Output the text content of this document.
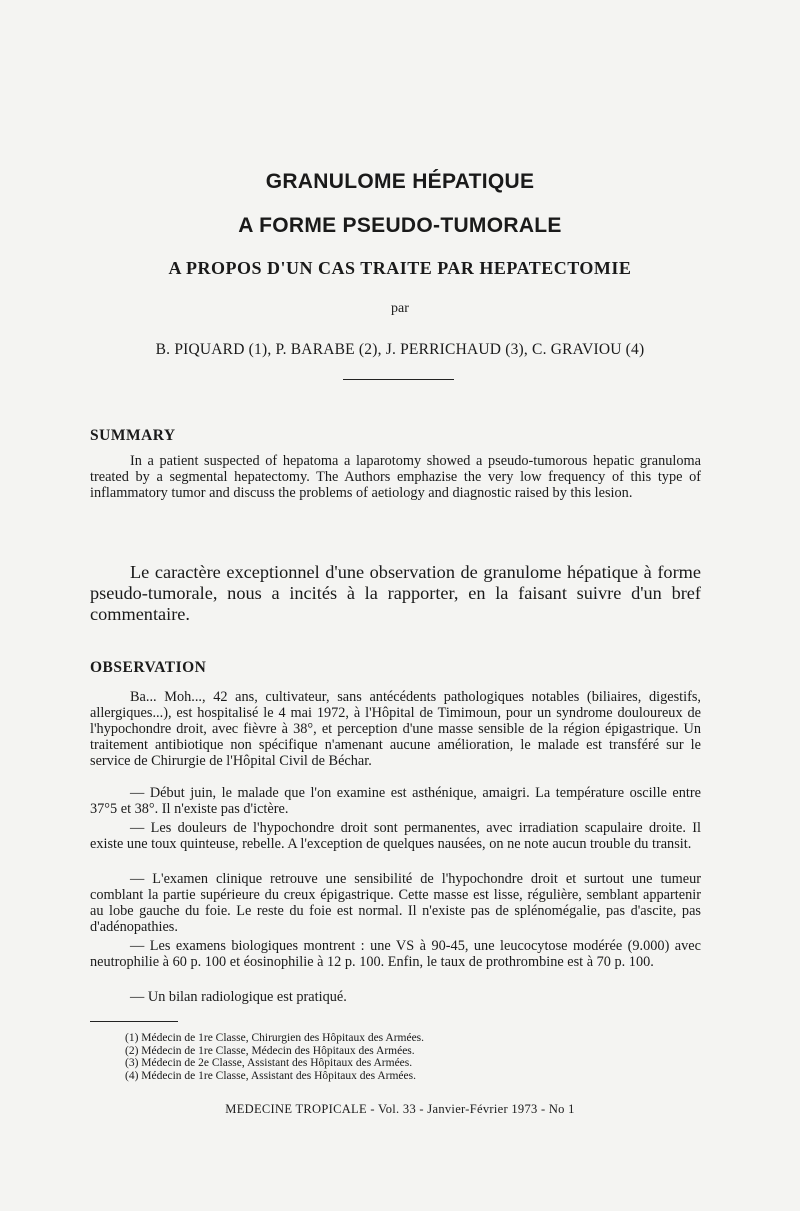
GRANULOME HÉPATIQUE
A FORME PSEUDO-TUMORALE
A PROPOS D'UN CAS TRAITE PAR HEPATECTOMIE
par
B. PIQUARD (1), P. BARABE (2), J. PERRICHAUD (3), C. GRAVIOU (4)
SUMMARY

In a patient suspected of hepatoma a laparotomy showed a pseudo-tumorous hepatic granuloma treated by a segmental hepatectomy. The Authors emphazise the very low frequency of this type of inflammatory tumor and discuss the problems of aetiology and diagnostic raised by this lesion.

Le caractère exceptionnel d'une observation de granulome hépatique à forme pseudo-tumorale, nous a incités à la rapporter, en la faisant suivre d'un bref commentaire.

OBSERVATION

Ba... Moh..., 42 ans, cultivateur, sans antécédents pathologiques notables (biliaires, digestifs, allergiques...), est hospitalisé le 4 mai 1972, à l'Hôpital de Timimoun, pour un syndrome douloureux de l'hypochondre droit, avec fièvre à 38°, et perception d'une masse sensible de la région épigastrique. Un traitement antibiotique non spécifique n'amenant aucune amélioration, le malade est transféré sur le service de Chirurgie de l'Hôpital Civil de Béchar.

— Début juin, le malade que l'on examine est asthénique, amaigri. La température oscille entre 37°5 et 38°. Il n'existe pas d'ictère.

— Les douleurs de l'hypochondre droit sont permanentes, avec irradiation scapulaire droite. Il existe une toux quinteuse, rebelle. A l'exception de quelques nausées, on ne note aucun trouble du transit.

— L'examen clinique retrouve une sensibilité de l'hypochondre droit et surtout une tumeur comblant la partie supérieure du creux épigastrique. Cette masse est lisse, régulière, semblant appartenir au lobe gauche du foie. Le reste du foie est normal. Il n'existe pas de splénomégalie, pas d'ascite, pas d'adénopathies.

— Les examens biologiques montrent : une VS à 90-45, une leucocytose modérée (9.000) avec neutrophilie à 60 p. 100 et éosinophilie à 12 p. 100. Enfin, le taux de prothrombine est à 70 p. 100.

— Un bilan radiologique est pratiqué.

(1) Médecin de 1re Classe, Chirurgien des Hôpitaux des Armées.
(2) Médecin de 1re Classe, Médecin des Hôpitaux des Armées.
(3) Médecin de 2e Classe, Assistant des Hôpitaux des Armées.
(4) Médecin de 1re Classe, Assistant des Hôpitaux des Armées.
MEDECINE TROPICALE - Vol. 33 - Janvier-Février 1973 - No 1
